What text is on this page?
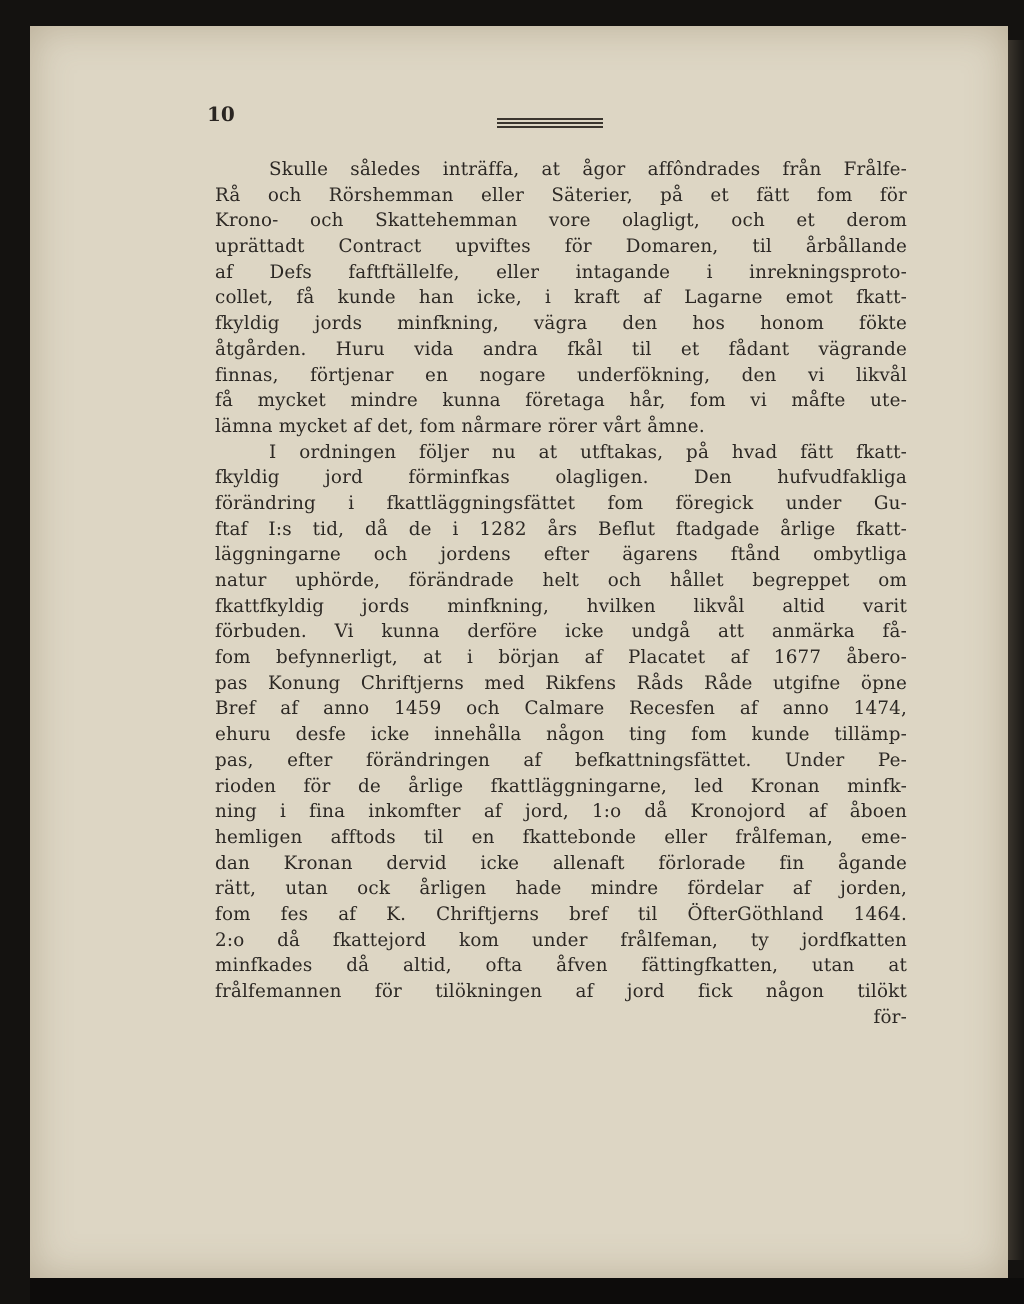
10
Skulle således inträffa, at ågor affôndrades från Frålfe-
Rå och Rörshemman eller Säterier, på et fätt fom för
Krono- och Skattehemman vore olagligt, och et derom
uprättadt Contract upviftes för Domaren, til årbållande
af Defs faftftällelfe, eller intagande i inrekningsproto-
collet, få kunde han icke, i kraft af Lagarne emot fkatt-
fkyldig jords minfkning, vägra den hos honom fökte
åtgården. Huru vida andra fkål til et fådant vägrande
finnas, förtjenar en nogare underfökning, den vi likvål
få mycket mindre kunna företaga hår, fom vi måfte ute-
lämna mycket af det, fom nårmare rörer vårt åmne.
I ordningen följer nu at utftakas, på hvad fätt fkatt-
fkyldig jord förminfkas olagligen. Den hufvudfakliga
förändring i fkattläggningsfättet fom föregick under Gu-
ftaf I:s tid, då de i 1282 års Beflut ftadgade årlige fkatt-
läggningarne och jordens efter ägarens ftånd ombytliga
natur uphörde, förändrade helt och hållet begreppet om
fkattfkyldig jords minfkning, hvilken likvål altid varit
förbuden. Vi kunna derföre icke undgå att anmärka få-
fom befynnerligt, at i början af Placatet af 1677 åbero-
pas Konung Chriftjerns med Rikfens Råds Råde utgifne öpne
Bref af anno 1459 och Calmare Recesfen af anno 1474,
ehuru desfe icke innehålla någon ting fom kunde tillämp-
pas, efter förändringen af befkattningsfättet. Under Pe-
rioden för de årlige fkattläggningarne, led Kronan minfk-
ning i fina inkomfter af jord, 1:o då Kronojord af åboen
hemligen afftods til en fkattebonde eller frålfeman, eme-
dan Kronan dervid icke allenaft förlorade fin ågande
rätt, utan ock årligen hade mindre fördelar af jorden,
fom fes af K. Chriftjerns bref til ÖfterGöthland 1464.
2:o då fkattejord kom under frålfeman, ty jordfkatten
minfkades då altid, ofta åfven fättingfkatten, utan at
frålfemannen för tilökningen af jord fick någon tilökt
för-
